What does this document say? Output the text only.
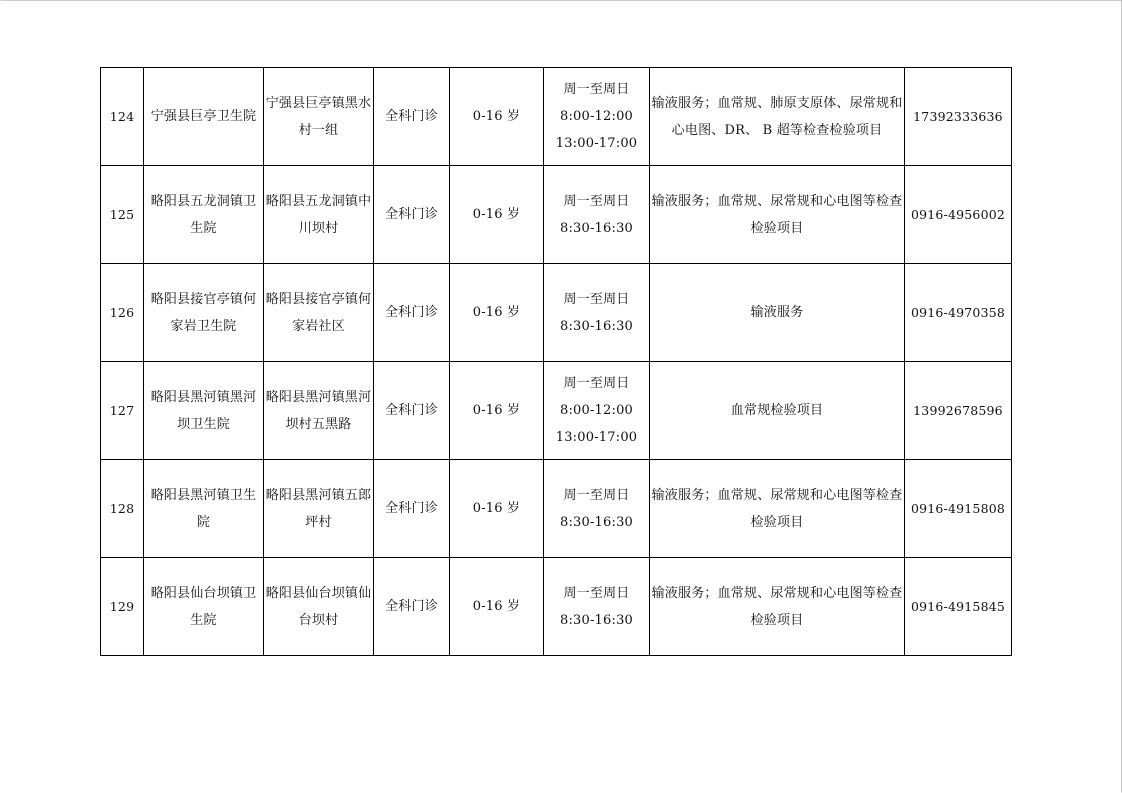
124	宁强县巨亭卫生院	宁强县巨亭镇黑水村一组	全科门诊	0-16 岁	周一至周日
8:00-12:00
13:00-17:00	输液服务；血常规、肺原支原体、尿常规和心电图、DR、 B 超等检查检验项目	17392333636
125	略阳县五龙洞镇卫生院	略阳县五龙洞镇中川坝村	全科门诊	0-16 岁	周一至周日
8:30-16:30	输液服务；血常规、尿常规和心电图等检查检验项目	0916-4956002
126	略阳县接官亭镇何家岩卫生院	略阳县接官亭镇何家岩社区	全科门诊	0-16 岁	周一至周日
8:30-16:30	输液服务	0916-4970358
127	略阳县黑河镇黑河坝卫生院	略阳县黑河镇黑河坝村五黑路	全科门诊	0-16 岁	周一至周日
8:00-12:00
13:00-17:00	血常规检验项目	13992678596
128	略阳县黑河镇卫生院	略阳县黑河镇五郎坪村	全科门诊	0-16 岁	周一至周日
8:30-16:30	输液服务；血常规、尿常规和心电图等检查检验项目	0916-4915808
129	略阳县仙台坝镇卫生院	略阳县仙台坝镇仙台坝村	全科门诊	0-16 岁	周一至周日
8:30-16:30	输液服务；血常规、尿常规和心电图等检查检验项目	0916-4915845
